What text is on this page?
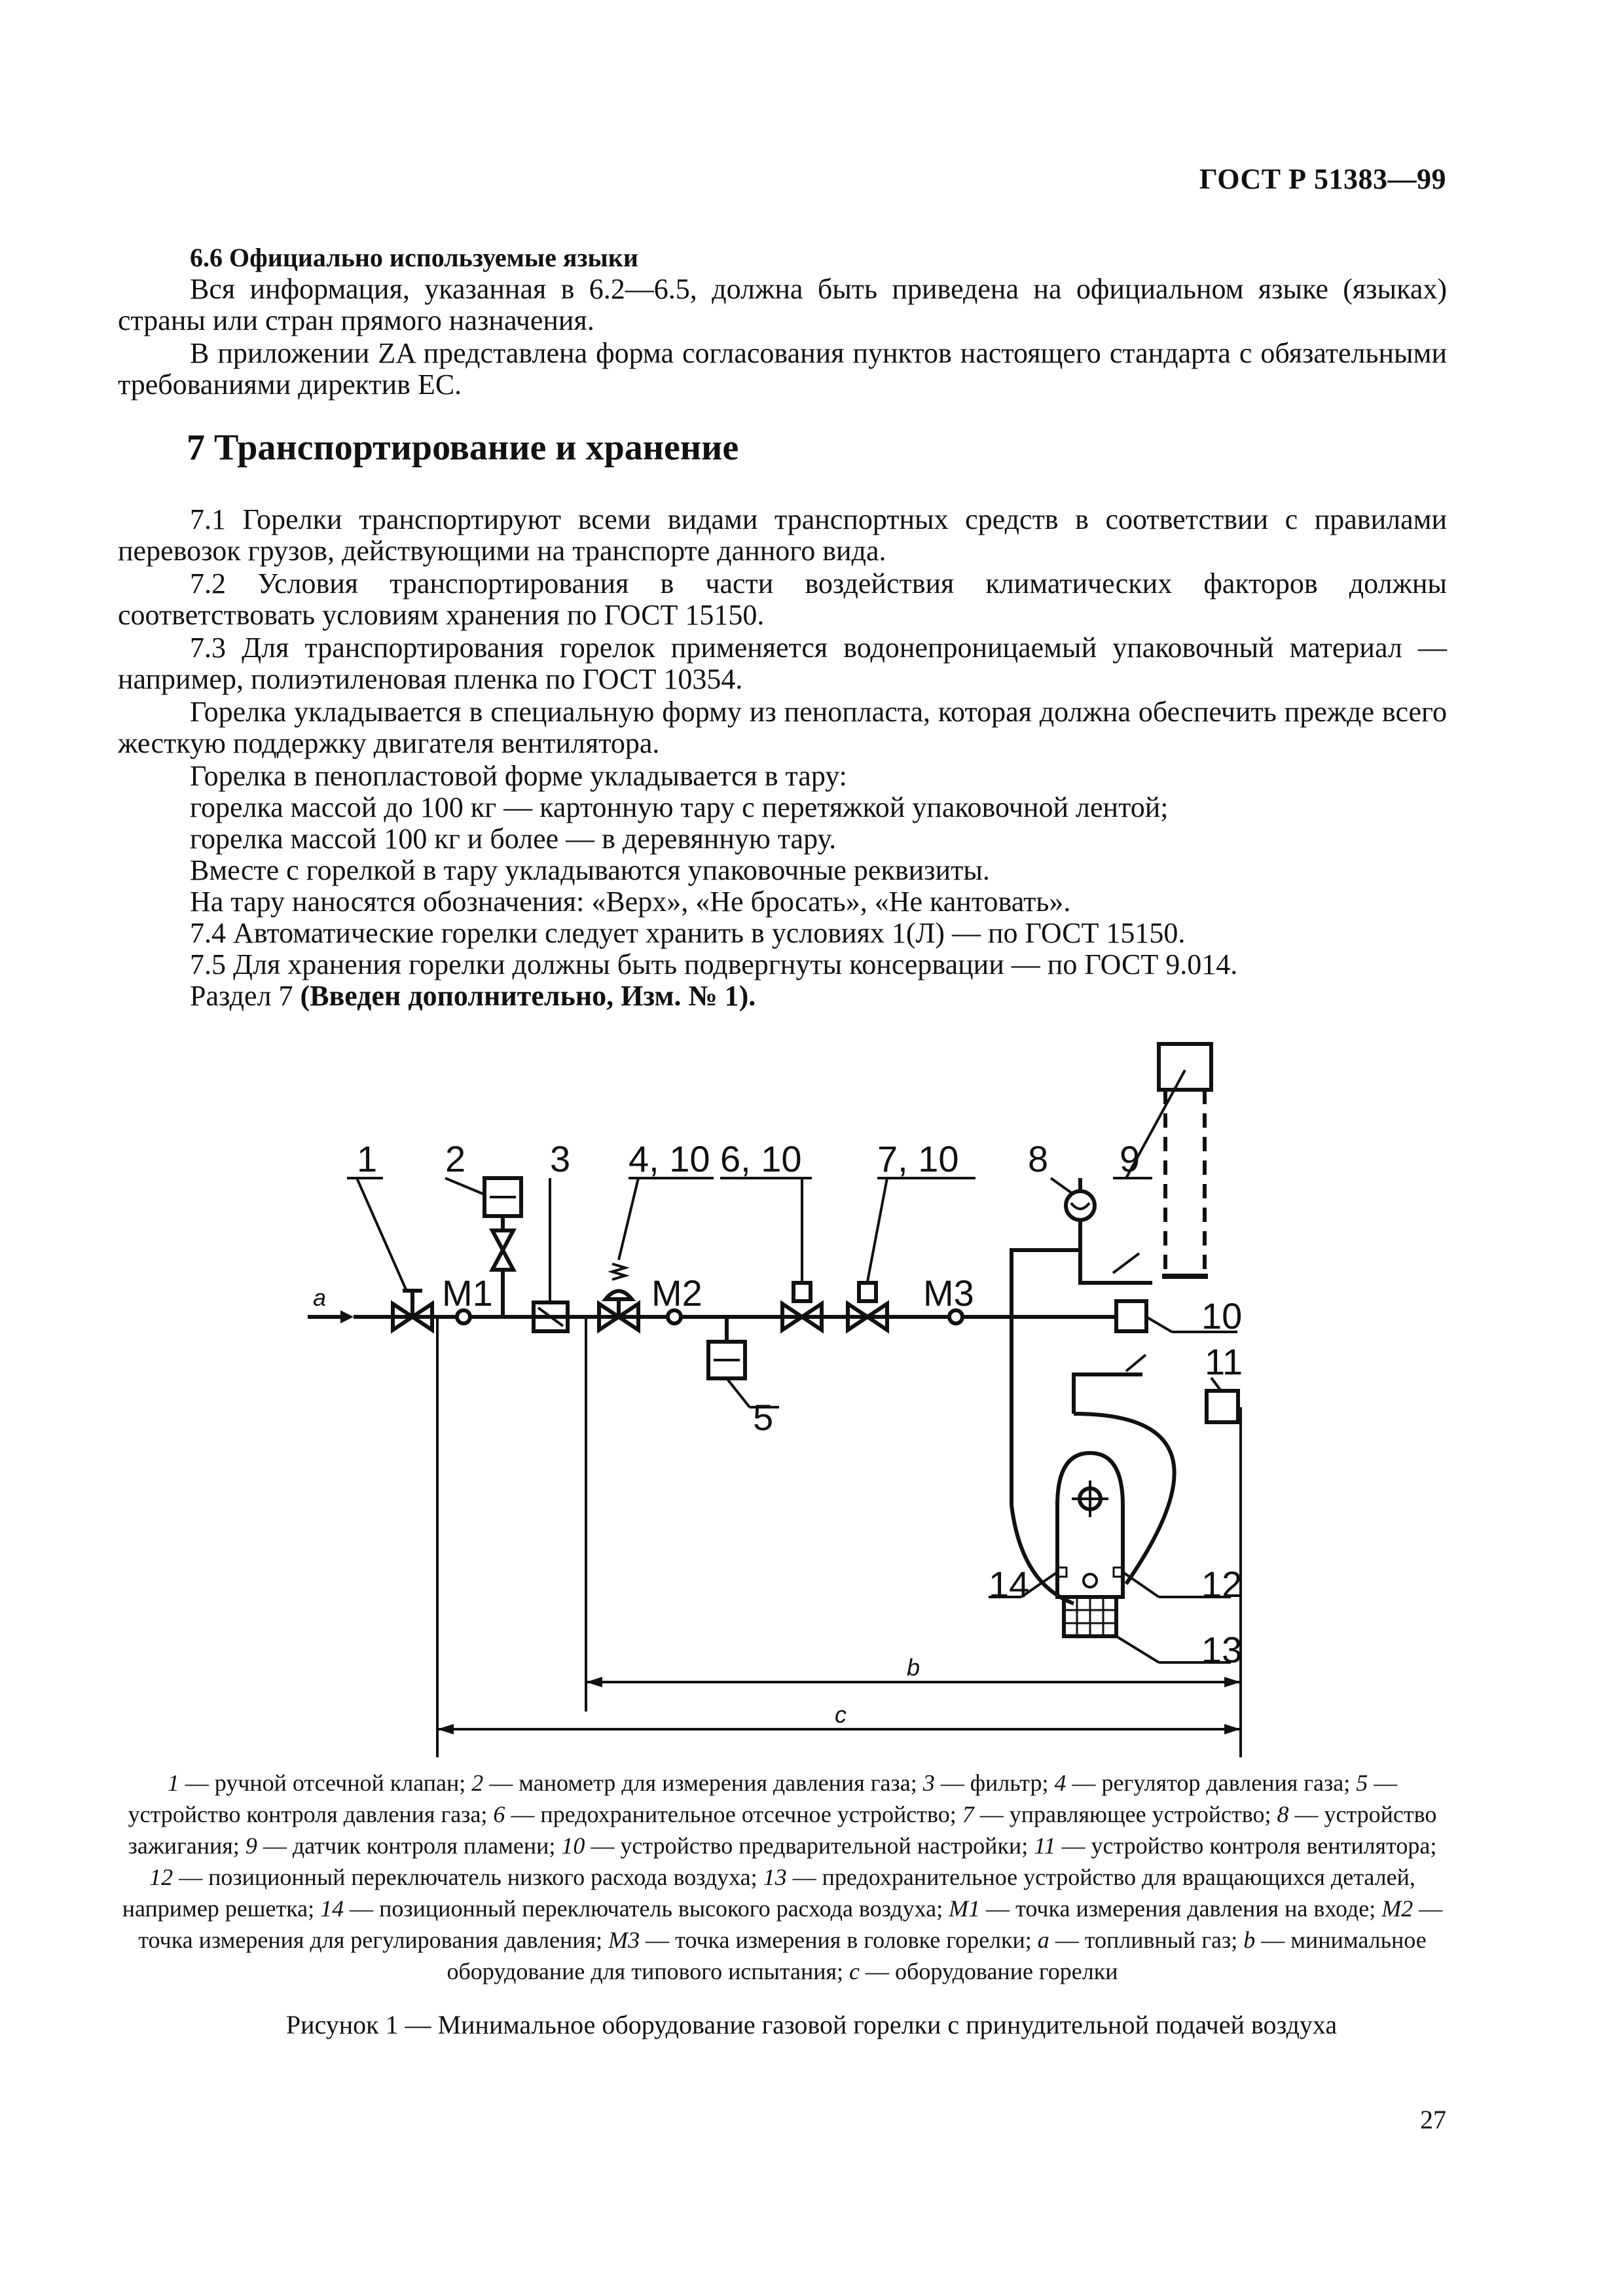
ГОСТ Р 51383—99
6.6 Официально используемые языки
Вся информация, указанная в 6.2—6.5, должна быть приведена на официальном языке (языках) страны или стран прямого назначения.
В приложении ZA представлена форма согласования пунктов настоящего стандарта с обязательными требованиями директив ЕС.
7 Транспортирование и хранение
7.1 Горелки транспортируют всеми видами транспортных средств в соответствии с правилами перевозок грузов, действующими на транспорте данного вида.
7.2 Условия транспортирования в части воздействия климатических факторов должны соответствовать условиям хранения по ГОСТ 15150.
7.3 Для транспортирования горелок применяется водонепроницаемый упаковочный материал — например, полиэтиленовая пленка по ГОСТ 10354.
Горелка укладывается в специальную форму из пенопласта, которая должна обеспечить прежде всего жесткую поддержку двигателя вентилятора.
Горелка в пенопластовой форме укладывается в тару:
горелка массой до 100 кг — картонную тару с перетяжкой упаковочной лентой;
горелка массой 100 кг и более — в деревянную тару.
Вместе с горелкой в тару укладываются упаковочные реквизиты.
На тару наносятся обозначения: «Верх», «Не бросать», «Не кантовать».
7.4 Автоматические горелки следует хранить в условиях 1(Л) — по ГОСТ 15150.
7.5 Для хранения горелки должны быть подвергнуты консервации — по ГОСТ 9.014.
Раздел 7 (Введен дополнительно, Изм. № 1).
1 2 3 4, 10 6, 10 7, 10 8 9
10
11
12
13
14
5
M1	M2	M3
a
b
c
1 — ручной отсечной клапан; 2 — манометр для измерения давления газа; 3 — фильтр; 4 — регулятор давления газа; 5 — устройство контроля давления газа; 6 — предохранительное отсечное устройство; 7 — управляющее устройство; 8 — устройство зажигания; 9 — датчик контроля пламени; 10 — устройство предварительной настройки; 11 — устройство контроля вентилятора; 12 — позиционный переключатель низкого расхода воздуха; 13 — предохранительное устройство для вращающихся деталей, например решетка; 14 — позиционный переключатель высокого расхода воздуха; M1 — точка измерения давления на входе; M2 — точка измерения для регулирования давления; M3 — точка измерения в головке горелки; a — топливный газ; b — минимальное оборудование для типового испытания; c — оборудование горелки
Рисунок 1 — Минимальное оборудование газовой горелки с принудительной подачей воздуха
27
